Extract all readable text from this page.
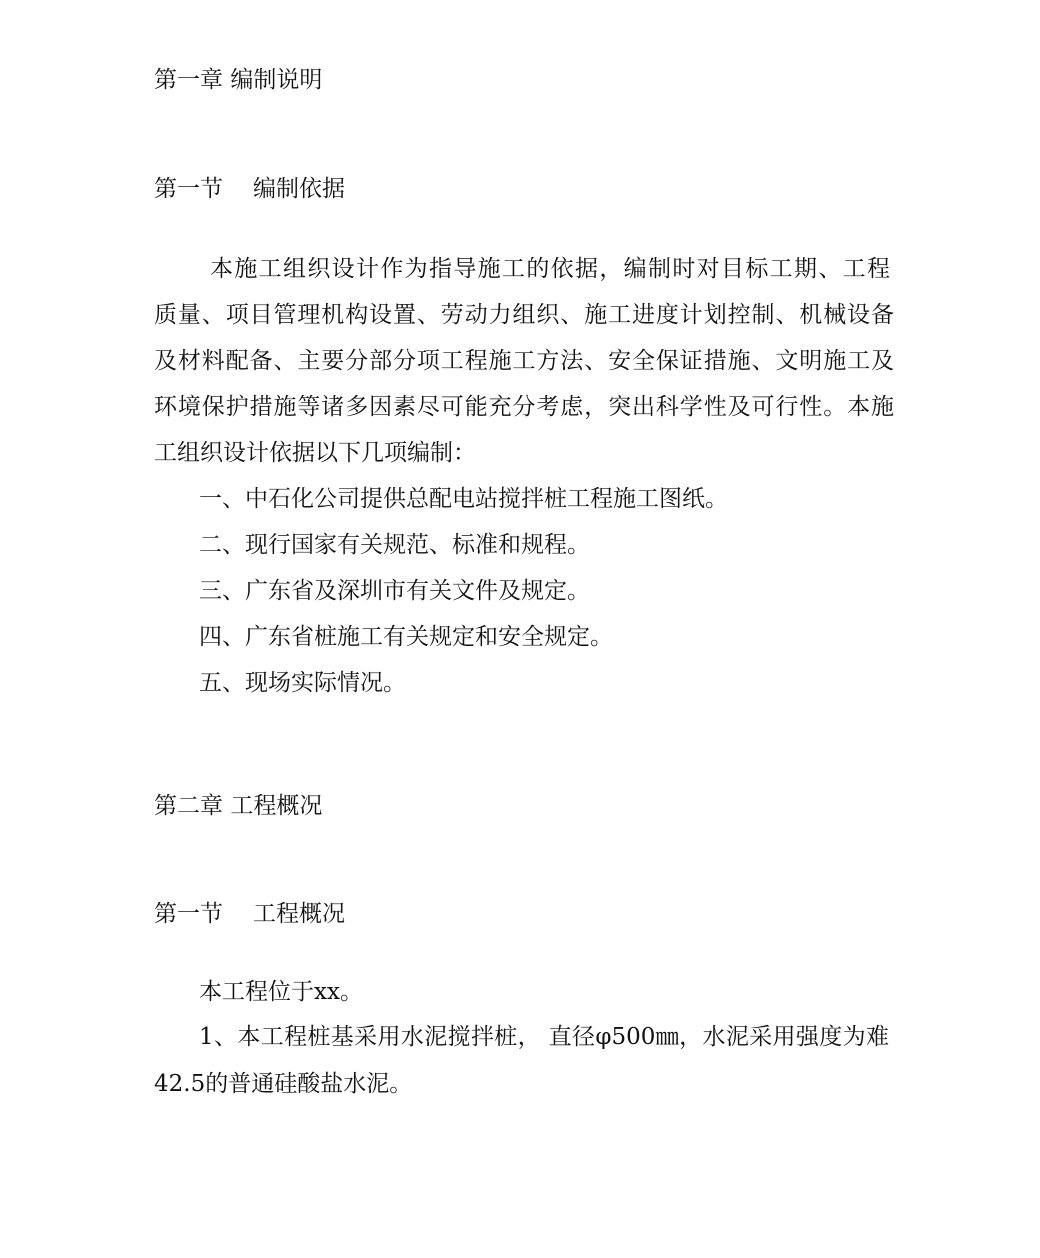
第一章 编制说明
第一节 编制依据
本施工组织设计作为指导施工的依据，编制时对目标工期、工程
质量、项目管理机构设置、劳动力组织、施工进度计划控制、机械设备
及材料配备、主要分部分项工程施工方法、安全保证措施、文明施工及
环境保护措施等诸多因素尽可能充分考虑，突出科学性及可行性。本施
工组织设计依据以下几项编制：
一、中石化公司提供总配电站搅拌桩工程施工图纸。
二、现行国家有关规范、标准和规程。
三、广东省及深圳市有关文件及规定。
四、广东省桩施工有关规定和安全规定。
五、现场实际情况。
第二章 工程概况
第一节 工程概况
本工程位于xx。
1、本工程桩基采用水泥搅拌桩， 直径φ500㎜，水泥采用强度为难
42.5的普通硅酸盐水泥。
